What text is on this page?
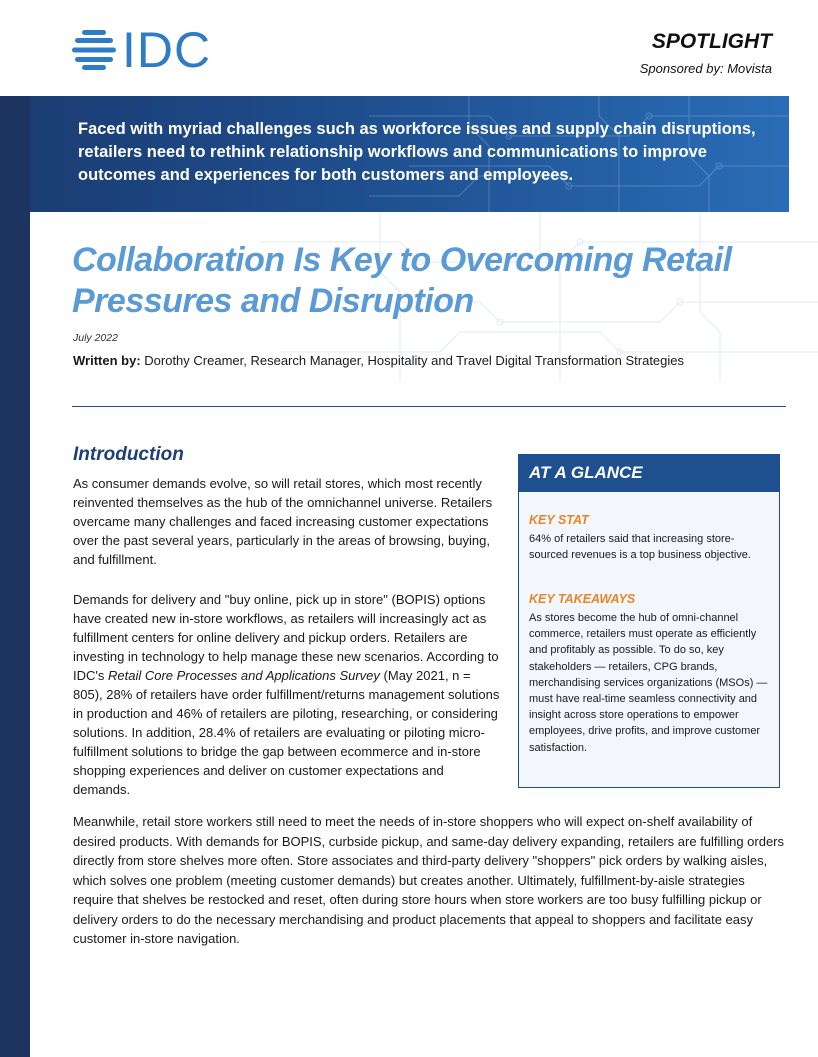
IDC	SPOTLIGHT
Sponsored by: Movista
Faced with myriad challenges such as workforce issues and supply chain disruptions, retailers need to rethink relationship workflows and communications to improve outcomes and experiences for both customers and employees.
Collaboration Is Key to Overcoming Retail Pressures and Disruption
July 2022
Written by: Dorothy Creamer, Research Manager, Hospitality and Travel Digital Transformation Strategies
Introduction
As consumer demands evolve, so will retail stores, which most recently reinvented themselves as the hub of the omnichannel universe. Retailers overcame many challenges and faced increasing customer expectations over the past several years, particularly in the areas of browsing, buying, and fulfillment.
Demands for delivery and "buy online, pick up in store" (BOPIS) options have created new in-store workflows, as retailers will increasingly act as fulfillment centers for online delivery and pickup orders. Retailers are investing in technology to help manage these new scenarios. According to IDC's Retail Core Processes and Applications Survey (May 2021, n = 805), 28% of retailers have order fulfillment/returns management solutions in production and 46% of retailers are piloting, researching, or considering solutions. In addition, 28.4% of retailers are evaluating or piloting micro-fulfillment solutions to bridge the gap between ecommerce and in-store shopping experiences and deliver on customer expectations and demands.
Meanwhile, retail store workers still need to meet the needs of in-store shoppers who will expect on-shelf availability of desired products. With demands for BOPIS, curbside pickup, and same-day delivery expanding, retailers are fulfilling orders directly from store shelves more often. Store associates and third-party delivery "shoppers" pick orders by walking aisles, which solves one problem (meeting customer demands) but creates another. Ultimately, fulfillment-by-aisle strategies require that shelves be restocked and reset, often during store hours when store workers are too busy fulfilling pickup or delivery orders to do the necessary merchandising and product placements that appeal to shoppers and facilitate easy customer in-store navigation.
AT A GLANCE
KEY STAT
64% of retailers said that increasing store-sourced revenues is a top business objective.
KEY TAKEAWAYS
As stores become the hub of omni-channel commerce, retailers must operate as efficiently and profitably as possible. To do so, key stakeholders — retailers, CPG brands, merchandising services organizations (MSOs) — must have real-time seamless connectivity and insight across store operations to empower employees, drive profits, and improve customer satisfaction.
